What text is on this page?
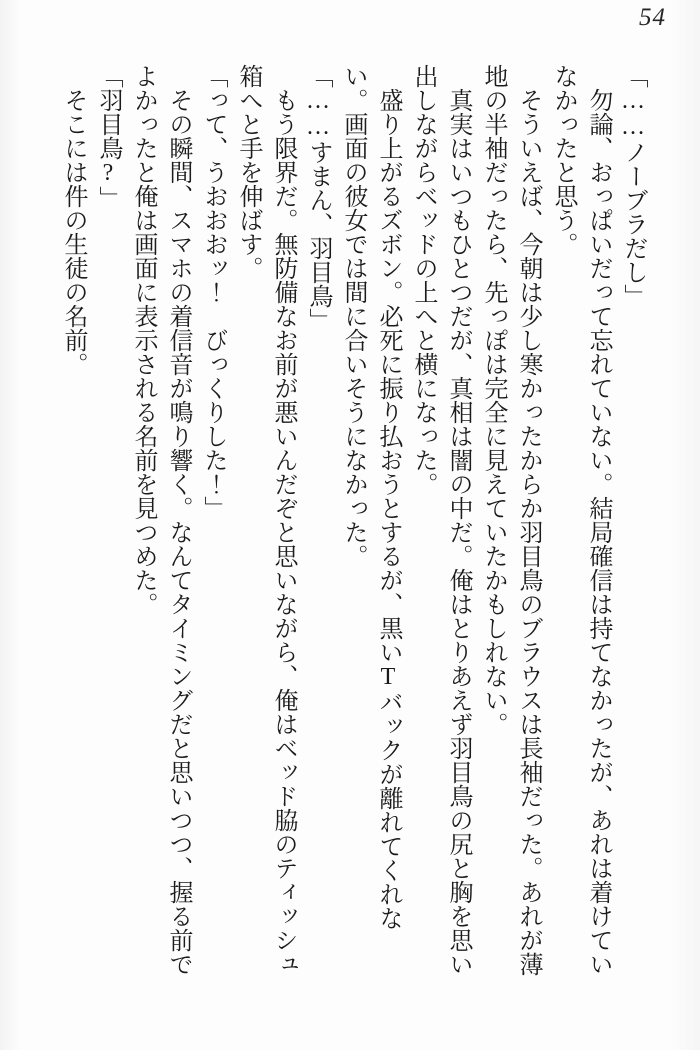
54

「……ノーブラだし」

　勿論、おっぱいだって忘れていない。結局確信は持てなかったが、あれは着けていなかったと思う。

　そういえば、今朝は少し寒かったからか羽目鳥のブラウスは長袖だった。あれが薄地の半袖だったら、先っぽは完全に見えていたかもしれない。

　真実はいつもひとつだが、真相は闇の中だ。俺はとりあえず羽目鳥の尻と胸を思い出しながらベッドの上へと横になった。

　盛り上がるズボン。必死に振り払おうとするが、黒いTバックが離れてくれない。画面の彼女では間に合いそうになかった。

「……すまん、羽目鳥」

　もう限界だ。無防備なお前が悪いんだぞと思いながら、俺はベッド脇のティッシュ箱へと手を伸ばす。

「って、うおおおッ！　びっくりした！」

　その瞬間、スマホの着信音が鳴り響く。なんてタイミングだと思いつつ、握る前でよかったと俺は画面に表示される名前を見つめた。

「羽目鳥?」

　そこには件の生徒の名前。
